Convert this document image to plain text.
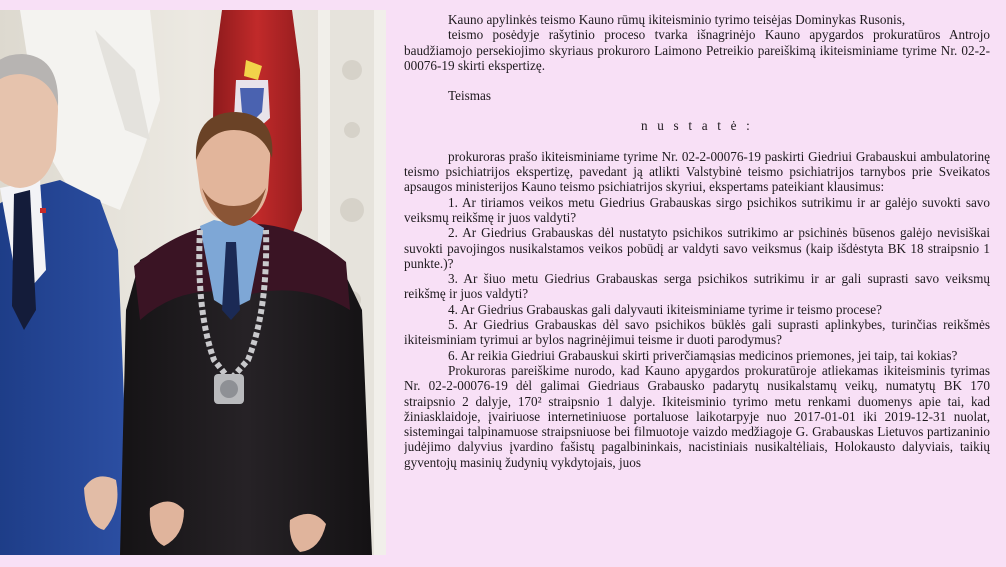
Kauno apylinkės teismo Kauno rūmų ikiteisminio tyrimo teisėjas Dominykas Rusonis,

teismo posėdyje rašytinio proceso tvarka išnagrinėjo Kauno apygardos prokuratūros Antrojo baudžiamojo persekiojimo skyriaus prokuroro Laimono Petreikio pareiškimą ikiteisminiame tyrime Nr. 02-2-00076-19 skirti ekspertizę.

Teismas

n u s t a t ė :

prokuroras prašo ikiteisminiame tyrime Nr. 02-2-00076-19 paskirti Giedriui Grabauskui ambulatorinę teismo psichiatrijos ekspertizę, pavedant ją atlikti Valstybinė teismo psichiatrijos tarnybos prie Sveikatos apsaugos ministerijos Kauno teismo psichiatrijos skyriui, ekspertams pateikiant klausimus:

1. Ar tiriamos veikos metu Giedrius Grabauskas sirgo psichikos sutrikimu ir ar galėjo suvokti savo veiksmų reikšmę ir juos valdyti?

2. Ar Giedrius Grabauskas dėl nustatyto psichikos sutrikimo ar psichinės būsenos galėjo nevisiškai suvokti pavojingos nusikalstamos veikos pobūdį ar valdyti savo veiksmus (kaip išdėstyta BK 18 straipsnio 1 punkte.)?

3. Ar šiuo metu Giedrius Grabauskas serga psichikos sutrikimu ir ar gali suprasti savo veiksmų reikšmę ir juos valdyti?

4. Ar Giedrius Grabauskas gali dalyvauti ikiteisminiame tyrime ir teismo procese?

5. Ar Giedrius Grabauskas dėl savo psichikos būklės gali suprasti aplinkybes, turinčias reikšmės ikiteisminiam tyrimui ar bylos nagrinėjimui teisme ir duoti parodymus?

6. Ar reikia Giedriui Grabauskui skirti priverčiamąsias medicinos priemones, jei taip, tai kokias?

Prokuroras pareiškime nurodo, kad Kauno apygardos prokuratūroje atliekamas ikiteisminis tyrimas Nr. 02-2-00076-19 dėl galimai Giedriaus Grabausko padarytų nusikalstamų veikų, numatytų BK 170 straipsnio 2 dalyje, 170² straipsnio 1 dalyje. Ikiteisminio tyrimo metu renkami duomenys apie tai, kad žiniasklaidoje, įvairiuose internetiniuose portaluose laikotarpyje nuo 2017-01-01 iki 2019-12-31 nuolat, sistemingai talpinamuose straipsniuose bei filmuotoje vaizdo medžiagoje G. Grabauskas Lietuvos partizaninio judėjimo dalyvius įvardino fašistų pagalbininkais, nacistiniais nusikaltėliais, Holokausto dalyviais, taikių gyventojų masinių žudynių vykdytojais, juos
